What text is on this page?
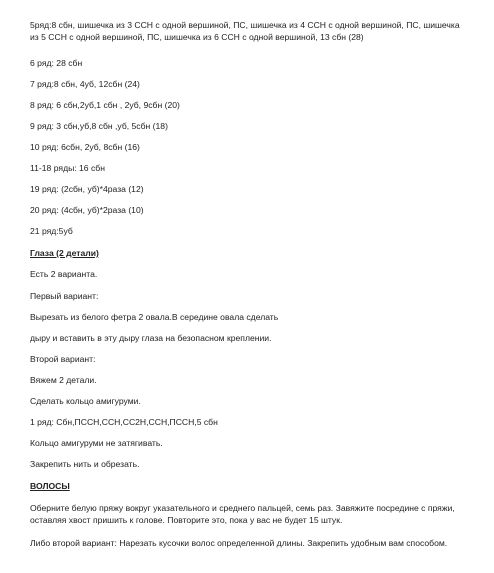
5ряд:8 сбн, шишечка из 3 ССН с одной вершиной, ПС, шишечка из 4 ССН с одной вершиной, ПС, шишечка из 5 ССН с одной вершиной, ПС, шишечка из 6 ССН с одной вершиной, 13 сбн (28)
6 ряд: 28 сбн
7 ряд:8 сбн, 4уб, 12сбн (24)
8 ряд: 6 сбн,2уб,1 сбн , 2уб, 9сбн (20)
9 ряд: 3 сбн,уб,8 сбн ,уб, 5сбн (18)
10 ряд: 6сбн, 2уб, 8сбн (16)
11-18 ряды: 16 сбн
19 ряд: (2сбн, уб)*4раза (12)
20 ряд: (4сбн, уб)*2раза (10)
21 ряд:5уб
Глаза (2 детали)
Есть 2 варианта.
Первый вариант:
Вырезать из белого фетра 2 овала.В середине овала сделать
дыру и вставить в эту дыру глаза на безопасном креплении.
Второй вариант:
Вяжем 2 детали.
Сделать кольцо амигуруми.
1 ряд: Сбн,ПССН,ССН,СС2Н,ССН,ПССН,5 сбн
Кольцо амигуруми не затягивать.
Закрепить нить и обрезать.
ВОЛОСЫ
Оберните белую пряжу вокруг указательного и среднего пальцей, семь раз. Завяжите посредине с пряжи, оставляя хвост пришить к голове. Повторите это, пока у вас не будет 15 штук.
Либо второй вариант: Нарезать кусочки волос определенной длины. Закрепить удобным вам способом.
